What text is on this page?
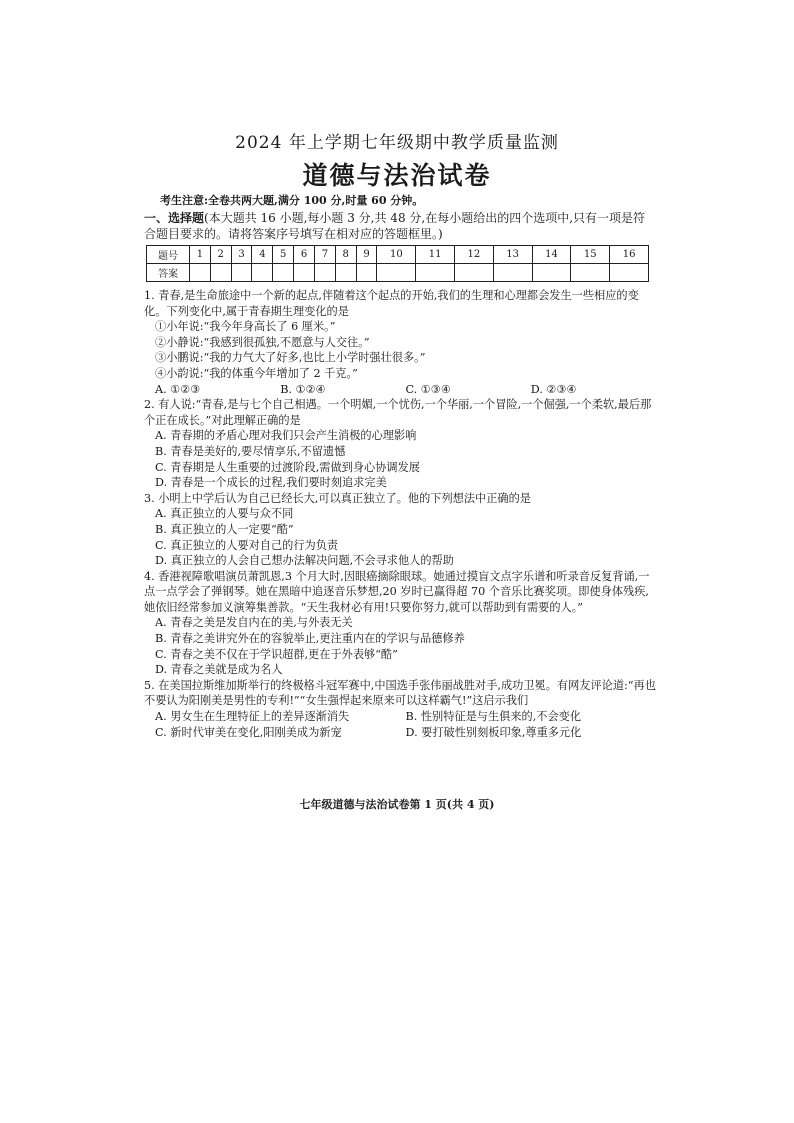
2024 年上学期七年级期中教学质量监测
道德与法治试卷
考生注意:全卷共两大题,满分 100 分,时量 60 分钟。
一、选择题(本大题共 16 小题,每小题 3 分,共 48 分,在每小题给出的四个选项中,只有一项是符合题目要求的。请将答案序号填写在相对应的答题框里。)
题号	1	2	3	4	5	6	7	8	9	10	11	12	13	14	15	16
答案																
1. 青春,是生命旅途中一个新的起点,伴随着这个起点的开始,我们的生理和心理都会发生一些相应的变化。下列变化中,属于青春期生理变化的是
①小年说:“我今年身高长了 6 厘米。”
②小静说:“我感到很孤独,不愿意与人交往。”
③小鹏说:“我的力气大了好多,也比上小学时强壮很多。”
④小韵说:“我的体重今年增加了 2 千克。”
A. ①②③	B. ①②④	C. ①③④	D. ②③④
2. 有人说:“青春,是与七个自己相遇。一个明媚,一个忧伤,一个华丽,一个冒险,一个倔强,一个柔软,最后那个正在成长。”对此理解正确的是
A. 青春期的矛盾心理对我们只会产生消极的心理影响
B. 青春是美好的,要尽情享乐,不留遗憾
C. 青春期是人生重要的过渡阶段,需做到身心协调发展
D. 青春是一个成长的过程,我们要时刻追求完美
3. 小明上中学后认为自己已经长大,可以真正独立了。他的下列想法中正确的是
A. 真正独立的人要与众不同
B. 真正独立的人一定要“酷”
C. 真正独立的人要对自己的行为负责
D. 真正独立的人会自己想办法解决问题,不会寻求他人的帮助
4. 香港视障歌唱演员萧凯恩,3 个月大时,因眼癌摘除眼球。她通过摸盲文点字乐谱和听录音反复背诵,一点一点学会了弹钢琴。她在黑暗中追逐音乐梦想,20 岁时已赢得超 70 个音乐比赛奖项。即使身体残疾,她依旧经常参加义演筹集善款。“天生我材必有用!只要你努力,就可以帮助到有需要的人。”
A. 青春之美是发自内在的美,与外表无关
B. 青春之美讲究外在的容貌举止,更注重内在的学识与品德修养
C. 青春之美不仅在于学识超群,更在于外表够“酷”
D. 青春之美就是成为名人
5. 在美国拉斯维加斯举行的终极格斗冠军赛中,中国选手张伟丽战胜对手,成功卫冕。有网友评论道:“再也不要认为阳刚美是男性的专利!”“女生强悍起来原来可以这样霸气!”这启示我们
A. 男女生在生理特征上的差异逐渐消失	B. 性别特征是与生俱来的,不会变化
C. 新时代审美在变化,阳刚美成为新宠	D. 要打破性别刻板印象,尊重多元化
七年级道德与法治试卷第 1 页(共 4 页)
